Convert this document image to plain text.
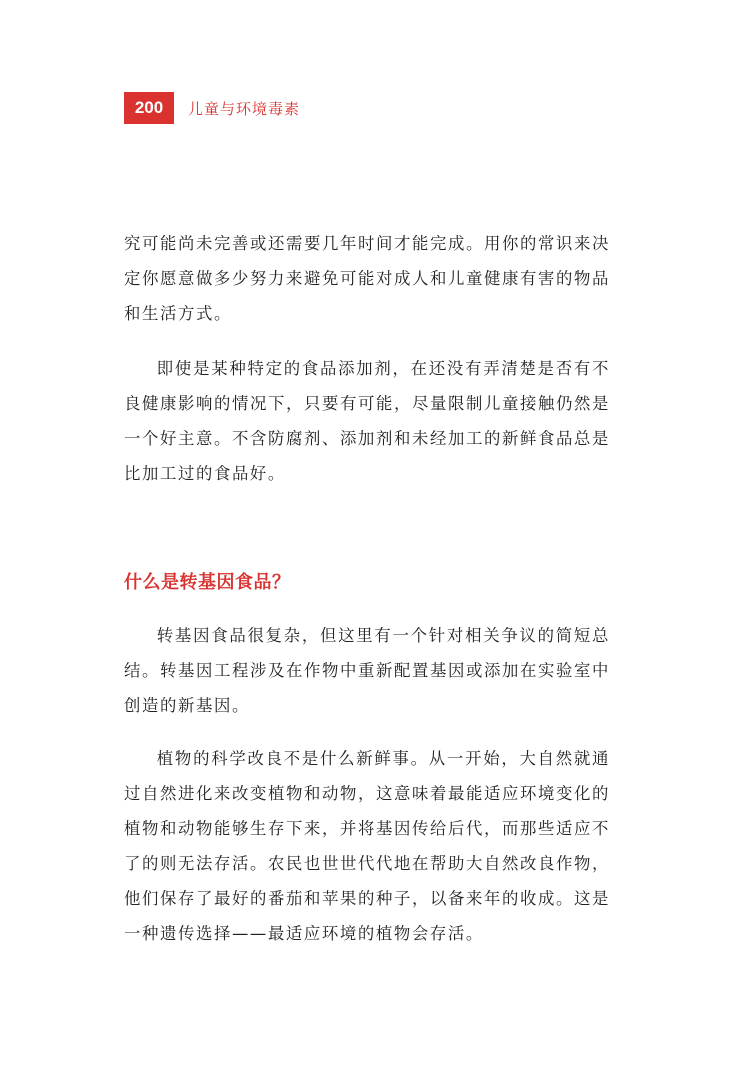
200	儿童与环境毒素

究可能尚未完善或还需要几年时间才能完成。用你的常识来决定你愿意做多少努力来避免可能对成人和儿童健康有害的物品和生活方式。

即使是某种特定的食品添加剂，在还没有弄清楚是否有不良健康影响的情况下，只要有可能，尽量限制儿童接触仍然是一个好主意。不含防腐剂、添加剂和未经加工的新鲜食品总是比加工过的食品好。

什么是转基因食品？

转基因食品很复杂，但这里有一个针对相关争议的简短总结。转基因工程涉及在作物中重新配置基因或添加在实验室中创造的新基因。

植物的科学改良不是什么新鲜事。从一开始，大自然就通过自然进化来改变植物和动物，这意味着最能适应环境变化的植物和动物能够生存下来，并将基因传给后代，而那些适应不了的则无法存活。农民也世世代代地在帮助大自然改良作物，他们保存了最好的番茄和苹果的种子，以备来年的收成。这是一种遗传选择——最适应环境的植物会存活。
